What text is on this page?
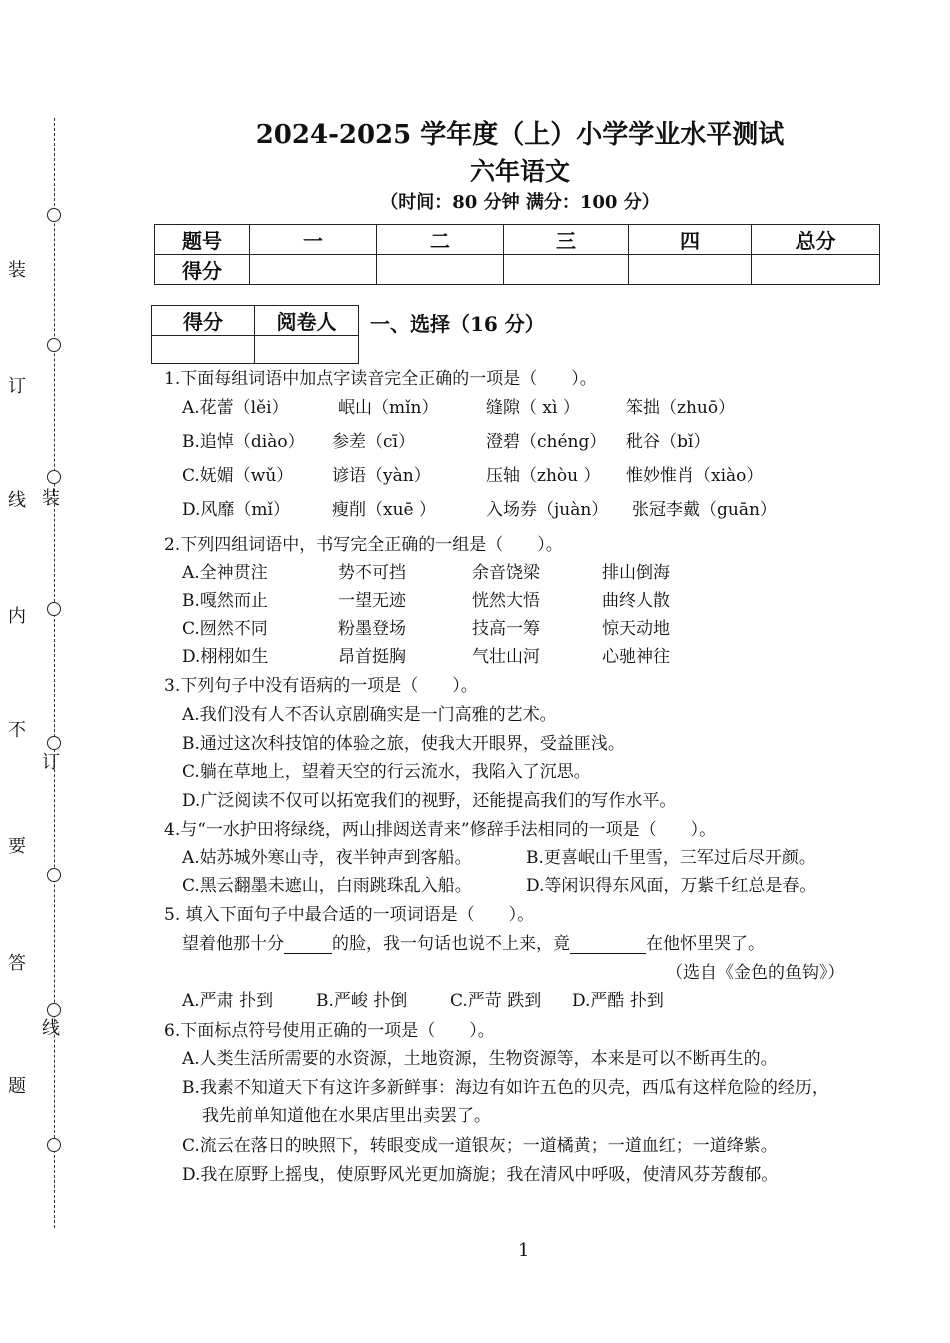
装
订
线
内
不
要
答
题
装
订
线
2024-2025 学年度（上）小学学业水平测试
六年语文
（时间：80 分钟 满分：100 分）
题号	一	二	三	四	总分
得分					
得分	阅卷人
	一、选择（16 分）
1.下面每组词语中加点字读音完全正确的一项是（　　）。
A.花蕾（lěi）	岷山（mǐn）	缝隙（ xì ）	笨拙（zhuō）
B.追悼（diào） 参差（cī）	澄碧（chéng） 秕谷（bǐ）
C.妩媚（wǔ） 谚语（yàn）	压轴（zhòu ） 惟妙惟肖（xiào）
D.风靡（mǐ） 瘦削（xuē ）	入场券（juàn） 张冠李戴（guān）
2.下列四组词语中，书写完全正确的一组是（　　）。
A.全神贯注	势不可挡	余音饶梁	排山倒海
B.嘎然而止	一望无迹	恍然大悟	曲终人散
C.囫然不同	粉墨登场	技高一筹	惊天动地
D.栩栩如生	昂首挺胸	气壮山河	心驰神往
3.下列句子中没有语病的一项是（　　）。
A.我们没有人不否认京剧确实是一门高雅的艺术。
B.通过这次科技馆的体验之旅，使我大开眼界，受益匪浅。
C.躺在草地上，望着天空的行云流水，我陷入了沉思。
D.广泛阅读不仅可以拓宽我们的视野，还能提高我们的写作水平。
4.与“一水护田将绿绕，两山排闼送青来”修辞手法相同的一项是（　　）。
A.姑苏城外寒山寺，夜半钟声到客船。	B.更喜岷山千里雪，三军过后尽开颜。
C.黑云翻墨未遮山，白雨跳珠乱入船。	D.等闲识得东风面，万紫千红总是春。
5. 填入下面句子中最合适的一项词语是（　　）。
望着他那十分	的脸，我一句话也说不上来，竟	在他怀里哭了。
（选自《金色的鱼钩》）
A.严肃 扑到	B.严峻 扑倒	C.严苛 跌到 D.严酷 扑到
6.下面标点符号使用正确的一项是（　　）。
A.人类生活所需要的水资源，土地资源，生物资源等，本来是可以不断再生的。
B.我素不知道天下有这许多新鲜事：海边有如许五色的贝壳，西瓜有这样危险的经历，
我先前单知道他在水果店里出卖罢了。
C.流云在落日的映照下，转眼变成一道银灰；一道橘黄；一道血红；一道绛紫。
D.我在原野上摇曳，使原野风光更加旖旎；我在清风中呼吸，使清风芬芳馥郁。
1
